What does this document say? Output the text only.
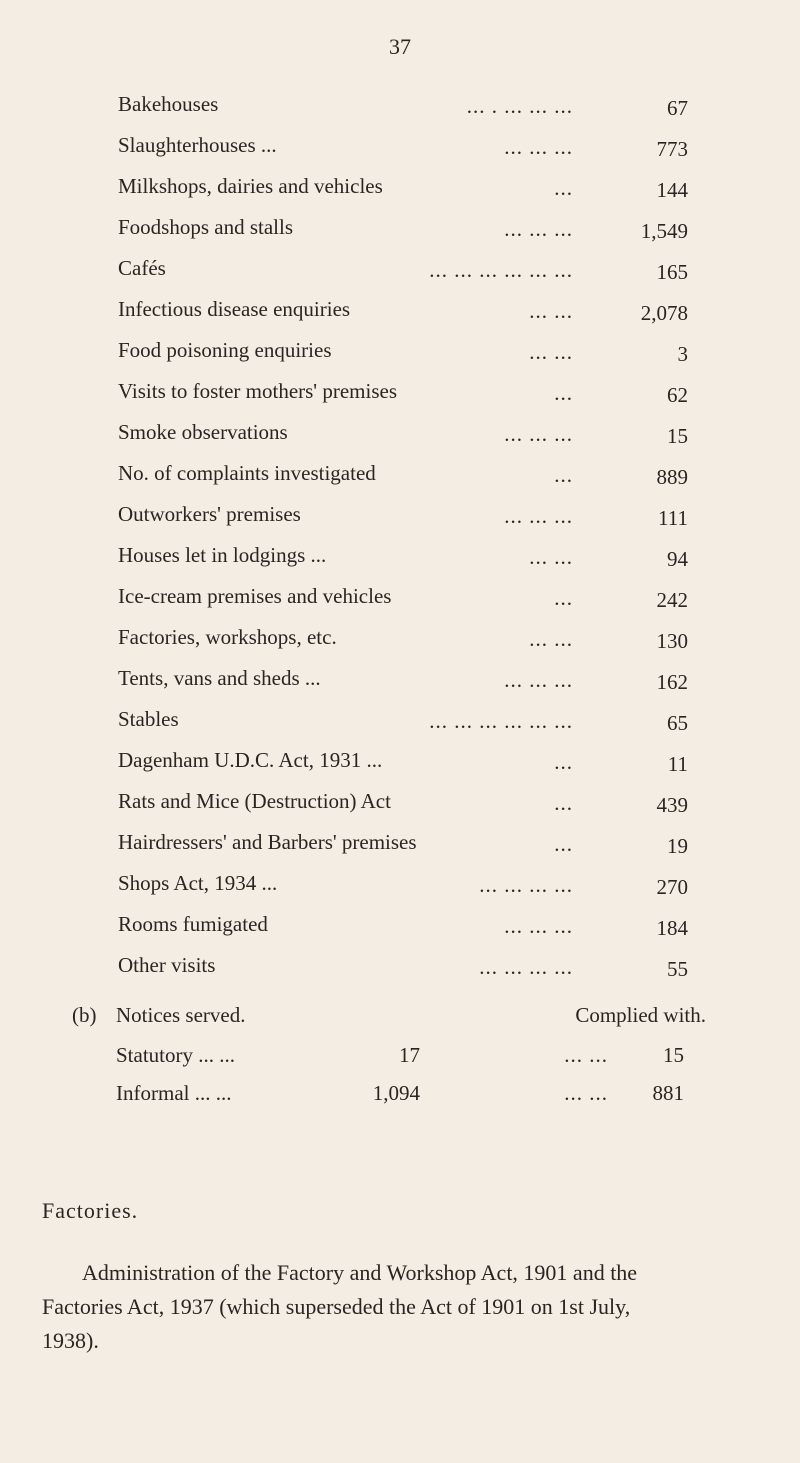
37
Bakehouses	... . ... ... ...	67
Slaughterhouses ...	... ... ...	773
Milkshops, dairies and vehicles	...	144
Foodshops and stalls	... ... ...	1,549
Cafés	... ... ... ... ... ...	165
Infectious disease enquiries	... ...	2,078
Food poisoning enquiries	... ...	3
Visits to foster mothers' premises	...	62
Smoke observations	... ... ...	15
No. of complaints investigated	...	889
Outworkers' premises	... ... ...	111
Houses let in lodgings ...	... ...	94
Ice-cream premises and vehicles	...	242
Factories, workshops, etc.	... ...	130
Tents, vans and sheds ...	... ... ...	162
Stables	... ... ... ... ... ...	65
Dagenham U.D.C. Act, 1931 ...	...	11
Rats and Mice (Destruction) Act	...	439
Hairdressers' and Barbers' premises	...	19
Shops Act, 1934 ...	... ... ... ...	270
Rooms fumigated	... ... ...	184
Other visits	... ... ... ...	55
(b) Notices served.	Complied with.
Statutory ... ...	17	... ...	15
Informal ... ...	1,094	... ... 881
Factories.
Administration of the Factory and Workshop Act, 1901 and the Factories Act, 1937 (which superseded the Act of 1901 on 1st July, 1938).
